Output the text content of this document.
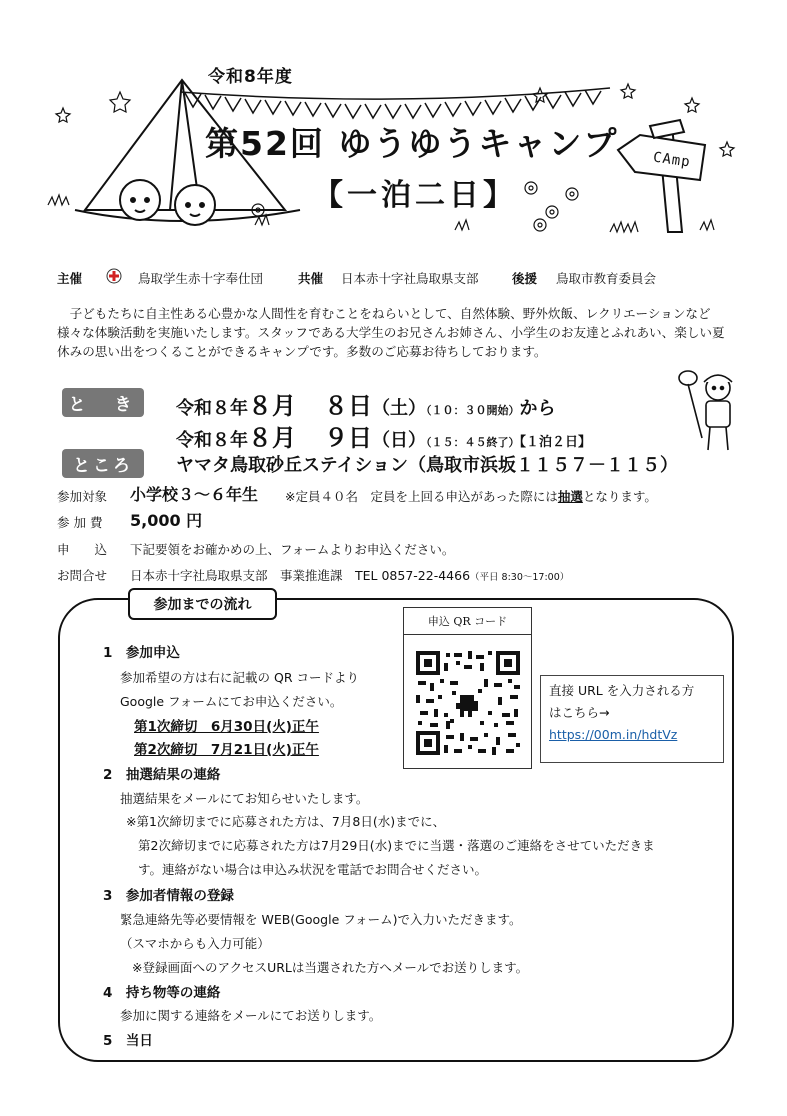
令和8年度
第52回 ゆうゆうキャンプ
【一泊二日】
CAmp
主催	鳥取学生赤十字奉仕団	共催 日本赤十字社鳥取県支部	後援 鳥取市教育委員会
子どもたちに自主性ある心豊かな人間性を育むことをねらいとして、自然体験、野外炊飯、レクリエーションなど様々な体験活動を実施いたします。スタッフである大学生のお兄さんお姉さん、小学生のお友達とふれあい、楽しい夏休みの思い出をつくることができるキャンプです。多数のご応募お待ちしております。
と　き	令和８年８月 ８日（土）（１０：３０開始）から
令和８年８月 ９日（日）（１５：４５終了）【１泊２日】
ところ	ヤマタ鳥取砂丘ステイション（鳥取市浜坂１１５７－１１５）
参加対象 小学校３～６年生 ※定員４０名　定員を上回る申込があった際には抽選となります。
参 加 費 5,000 円
申　　込 下記要領をお確かめの上、フォームよりお申込ください。
お問合せ 日本赤十字社鳥取県支部　事業推進課　TEL 0857-22-4466（平日 8:30～17:00）
参加までの流れ
申込 QR コード
直接 URL を入力される方
はこちら→
https://00m.in/hdtVz
1　参加申込
参加希望の方は右に記載の QR コードより
Google フォームにてお申込ください。
第1次締切　6月30日(火)正午
第2次締切　7月21日(火)正午
2　抽選結果の連絡
抽選結果をメールにてお知らせいたします。
※第1次締切までに応募された方は、7月8日(水)までに、
第2次締切までに応募された方は7月29日(水)までに当選・落選のご連絡をさせていただきま
す。連絡がない場合は申込み状況を電話でお問合せください。
3　参加者情報の登録
緊急連絡先等必要情報を WEB(Google フォーム)で入力いただきます。
（スマホからも入力可能）
※登録画面へのアクセスURLは当選された方へメールでお送りします。
4　持ち物等の連絡
参加に関する連絡をメールにてお送りします。
5　当日
